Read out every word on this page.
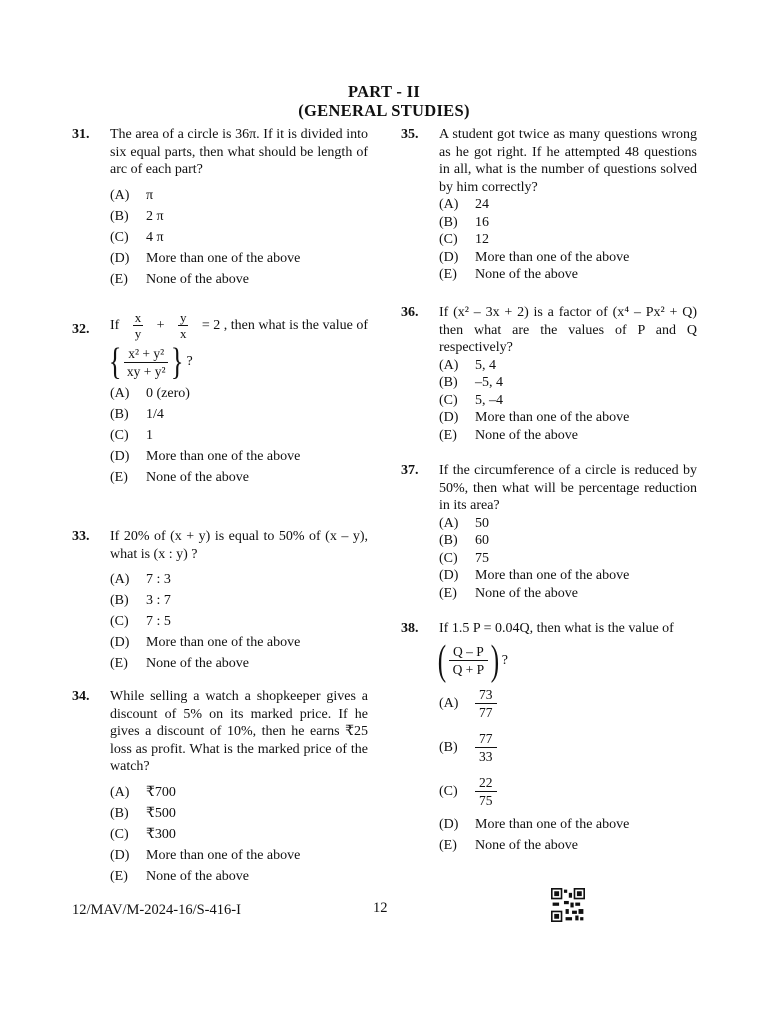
PART - II
(GENERAL STUDIES)
31. The area of a circle is 36π. If it is divided into six equal parts, then what should be length of arc of each part?
(A)	π
(B)	2 π
(C)	4 π
(D)	More than one of the above
(E)	None of the above
32. If $\frac{x}{y} + \frac{y}{x} = 2$ , then what is the value of
{ $\frac{\text{x² + y²}}{\text{xy + y²}}$ } ?
(A)	0 (zero)
(B)	1/4
(C)	1
(D)	More than one of the above
(E)	None of the above
33. If 20% of (x + y) is equal to 50% of (x – y), what is (x : y) ?
(A)	7 : 3
(B)	3 : 7
(C)	7 : 5
(D)	More than one of the above
(E)	None of the above
34. While selling a watch a shopkeeper gives a discount of 5% on its marked price. If he gives a discount of 10%, then he earns ₹25 loss as profit. What is the marked price of the watch?
(A)	₹700
(B)	₹500
(C)	₹300
(D)	More than one of the above
(E)	None of the above
35. A student got twice as many questions wrong as he got right. If he attempted 48 questions in all, what is the number of questions solved by him correctly?
(A)	24
(B)	16
(C)	12
(D)	More than one of the above
(E)	None of the above
36. If (x² – 3x + 2) is a factor of (x⁴ – Px² + Q) then what are the values of P and Q respectively?
(A)	5, 4
(B)	–5, 4
(C)	5, –4
(D)	More than one of the above
(E)	None of the above
37. If the circumference of a circle is reduced by 50%, then what will be percentage reduction in its area?
(A)	50
(B)	60
(C)	75
(D)	More than one of the above
(E)	None of the above
38. If 1.5 P = 0.04Q, then what is the value of
( $\frac{Q - P}{Q + P}$ ) ?
(A)	$\frac{73}{77}$
(B)	$\frac{77}{33}$
(C)	$\frac{22}{75}$
(D)	More than one of the above
(E)	None of the above
12/MAV/M-2024-16/S-416-I	12
